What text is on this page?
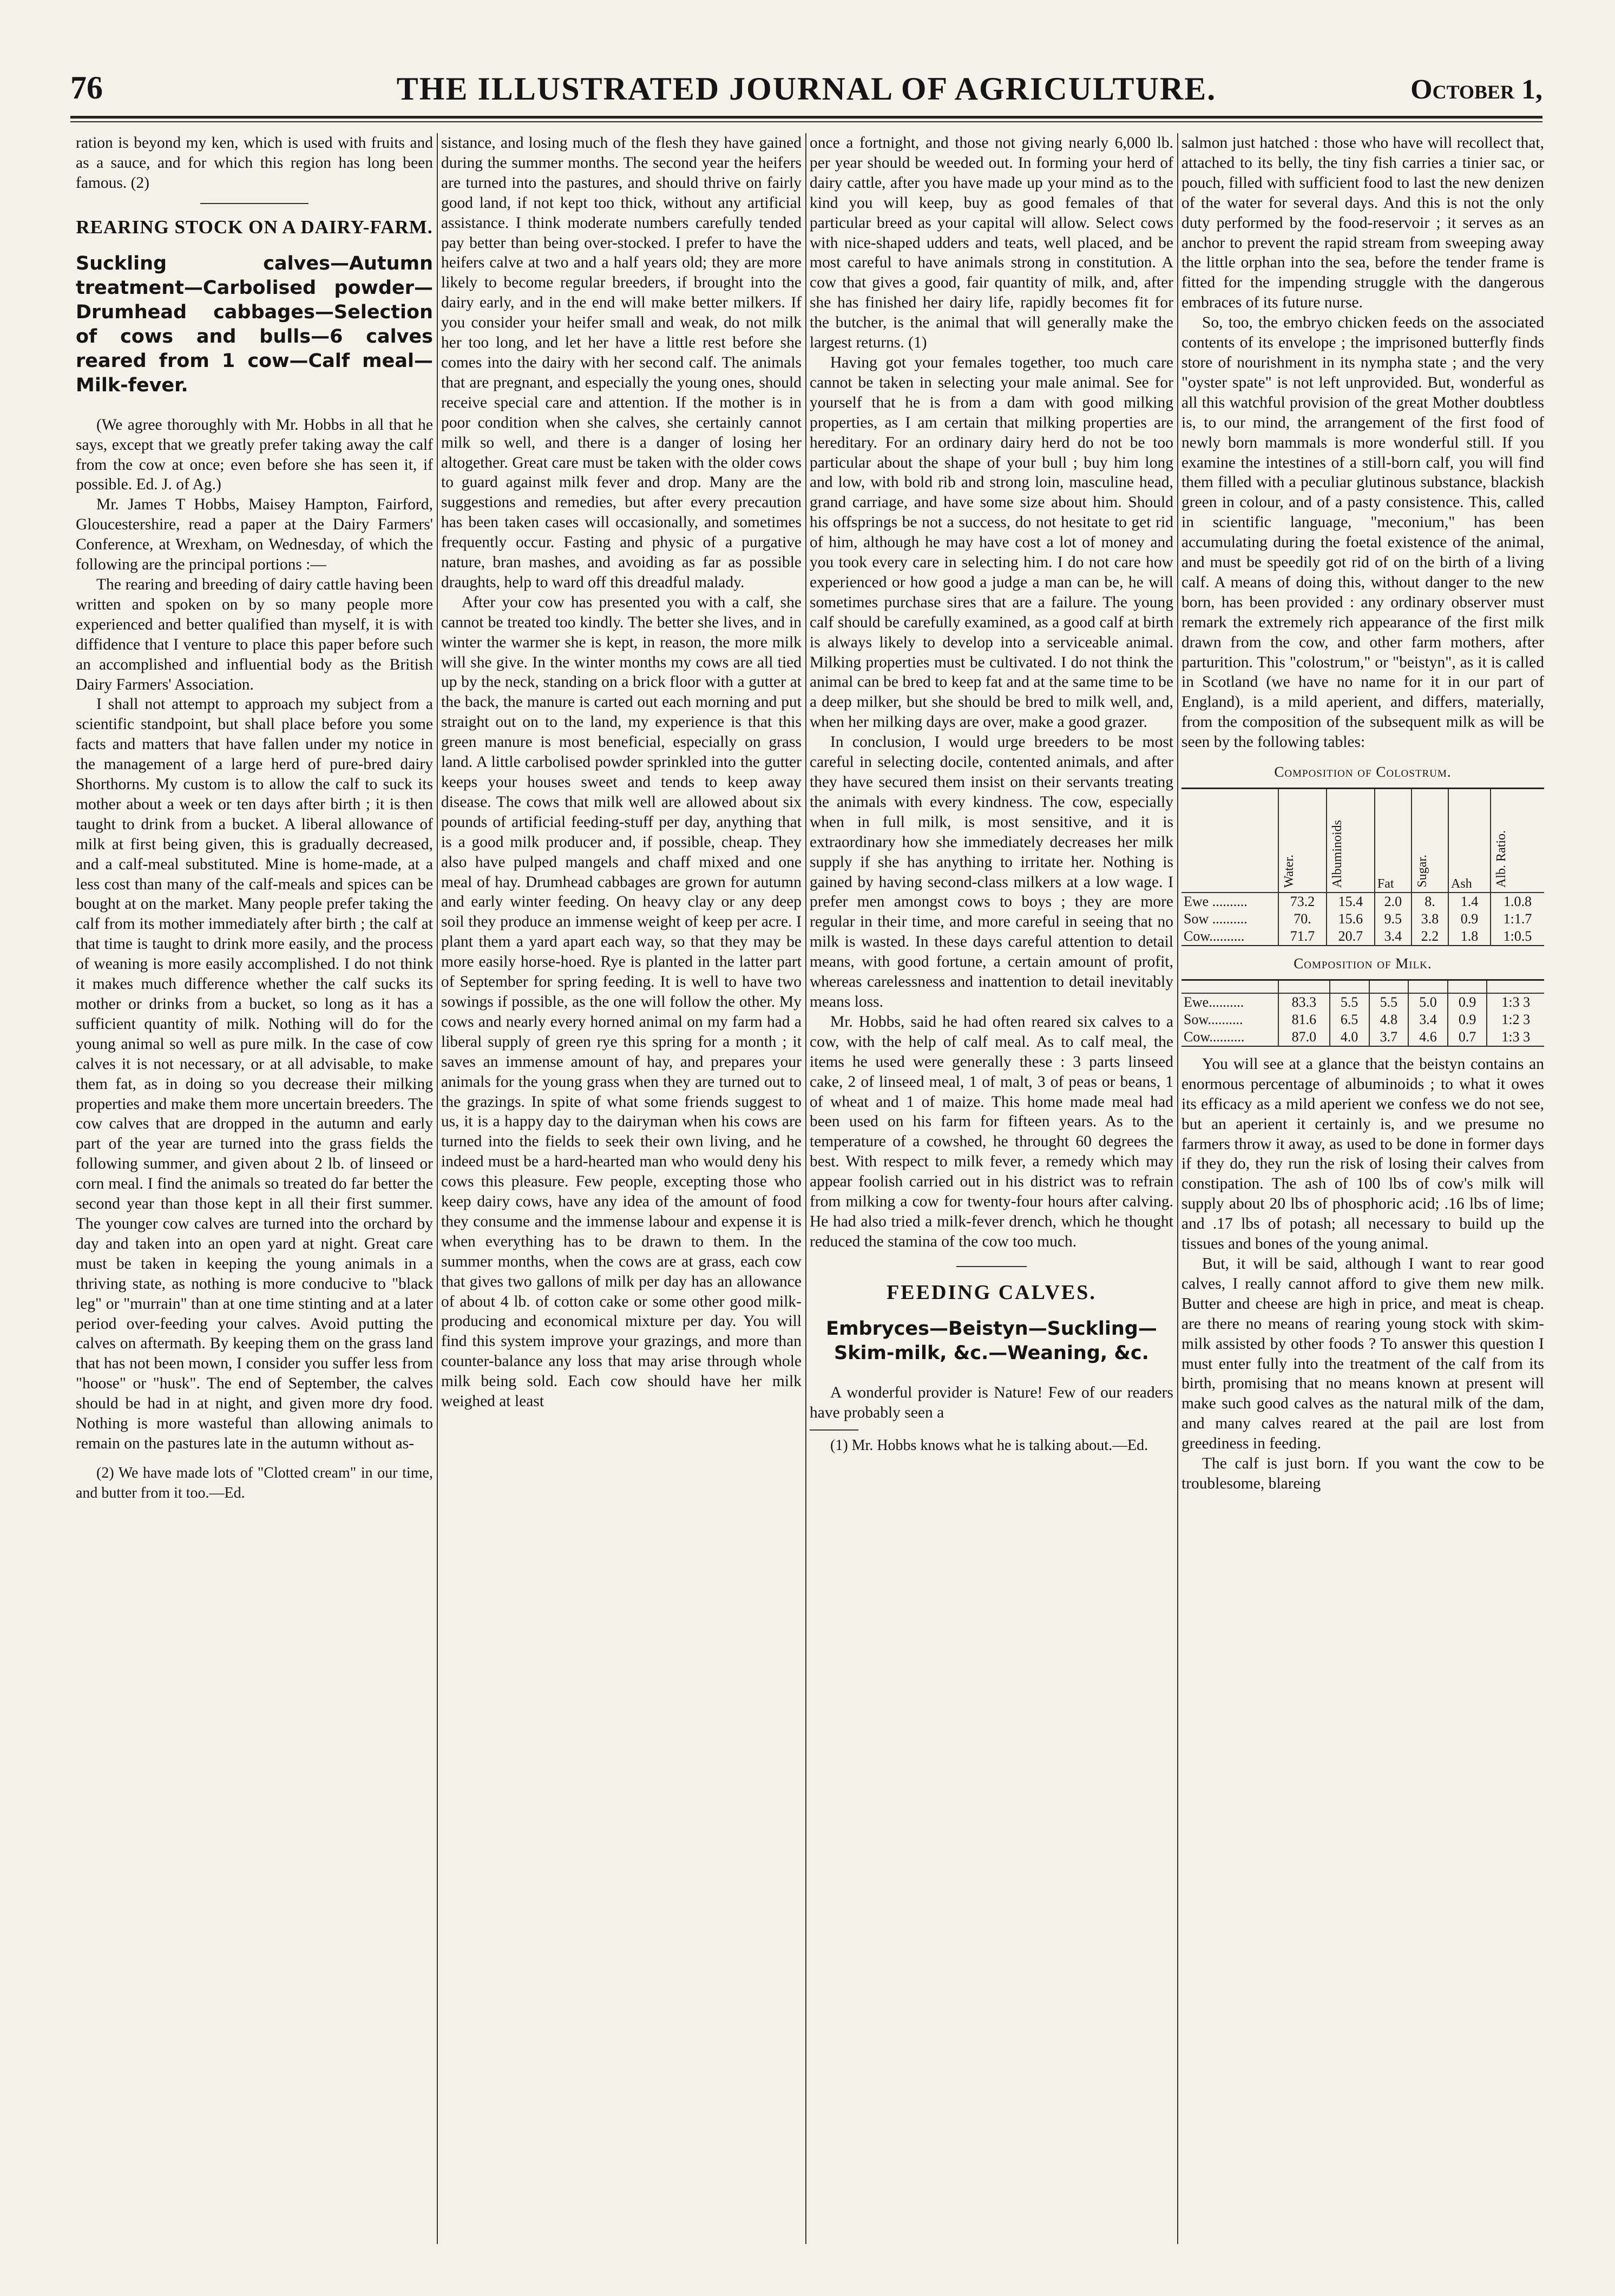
76	THE ILLUSTRATED JOURNAL OF AGRICULTURE.	October 1,

ration is beyond my ken, which is used with fruits and as a sauce, and for which this region has long been famous. (2)

REARING STOCK ON A DAIRY-FARM.
Suckling calves—Autumn treatment—Carbolised powder—Drumhead cabbages—Selection of cows and bulls—6 calves reared from 1 cow—Calf meal—Milk-fever.

(We agree thoroughly with Mr. Hobbs in all that he says, except that we greatly prefer taking away the calf from the cow at once; even before she has seen it, if possible. Ed. J. of Ag.)

Mr. James T Hobbs, Maisey Hampton, Fairford, Gloucestershire, read a paper at the Dairy Farmers' Conference, at Wrexham, on Wednesday, of which the following are the principal portions :—

The rearing and breeding of dairy cattle having been written and spoken on by so many people more experienced and better qualified than myself, it is with diffidence that I venture to place this paper before such an accomplished and influential body as the British Dairy Farmers' Association.

I shall not attempt to approach my subject from a scientific standpoint, but shall place before you some facts and matters that have fallen under my notice in the management of a large herd of pure-bred dairy Shorthorns. My custom is to allow the calf to suck its mother about a week or ten days after birth ; it is then taught to drink from a bucket. A liberal allowance of milk at first being given, this is gradually decreased, and a calf-meal substituted. Mine is home-made, at a less cost than many of the calf-meals and spices can be bought at on the market. Many people prefer taking the calf from its mother immediately after birth ; the calf at that time is taught to drink more easily, and the process of weaning is more easily accomplished. I do not think it makes much difference whether the calf sucks its mother or drinks from a bucket, so long as it has a sufficient quantity of milk. Nothing will do for the young animal so well as pure milk. In the case of cow calves it is not necessary, or at all advisable, to make them fat, as in doing so you decrease their milking properties and make them more uncertain breeders. The cow calves that are dropped in the autumn and early part of the year are turned into the grass fields the following summer, and given about 2 lb. of linseed or corn meal. I find the animals so treated do far better the second year than those kept in all their first summer. The younger cow calves are turned into the orchard by day and taken into an open yard at night. Great care must be taken in keeping the young animals in a thriving state, as nothing is more conducive to "black leg" or "murrain" than at one time stinting and at a later period over-feeding your calves. Avoid putting the calves on aftermath. By keeping them on the grass land that has not been mown, I consider you suffer less from "hoose" or "husk". The end of September, the calves should be had in at night, and given more dry food. Nothing is more wasteful than allowing animals to remain on the pastures late in the autumn without as-

(2) We have made lots of "Clotted cream" in our time, and butter from it too.—Ed.

sistance, and losing much of the flesh they have gained during the summer months. The second year the heifers are turned into the pastures, and should thrive on fairly good land, if not kept too thick, without any artificial assistance. I think moderate numbers carefully tended pay better than being over-stocked. I prefer to have the heifers calve at two and a half years old; they are more likely to become regular breeders, if brought into the dairy early, and in the end will make better milkers. If you consider your heifer small and weak, do not milk her too long, and let her have a little rest before she comes into the dairy with her second calf. The animals that are pregnant, and especially the young ones, should receive special care and attention. If the mother is in poor condition when she calves, she certainly cannot milk so well, and there is a danger of losing her altogether. Great care must be taken with the older cows to guard against milk fever and drop. Many are the suggestions and remedies, but after every precaution has been taken cases will occasionally, and sometimes frequently occur. Fasting and physic of a purgative nature, bran mashes, and avoiding as far as possible draughts, help to ward off this dreadful malady.

After your cow has presented you with a calf, she cannot be treated too kindly. The better she lives, and in winter the warmer she is kept, in reason, the more milk will she give. In the winter months my cows are all tied up by the neck, standing on a brick floor with a gutter at the back, the manure is carted out each morning and put straight out on to the land, my experience is that this green manure is most beneficial, especially on grass land. A little carbolised powder sprinkled into the gutter keeps your houses sweet and tends to keep away disease. The cows that milk well are allowed about six pounds of artificial feeding-stuff per day, anything that is a good milk producer and, if possible, cheap. They also have pulped mangels and chaff mixed and one meal of hay. Drumhead cabbages are grown for autumn and early winter feeding. On heavy clay or any deep soil they produce an immense weight of keep per acre. I plant them a yard apart each way, so that they may be more easily horse-hoed. Rye is planted in the latter part of September for spring feeding. It is well to have two sowings if possible, as the one will follow the other. My cows and nearly every horned animal on my farm had a liberal supply of green rye this spring for a month ; it saves an immense amount of hay, and prepares your animals for the young grass when they are turned out to the grazings. In spite of what some friends suggest to us, it is a happy day to the dairyman when his cows are turned into the fields to seek their own living, and he indeed must be a hard-hearted man who would deny his cows this pleasure. Few people, excepting those who keep dairy cows, have any idea of the amount of food they consume and the immense labour and expense it is when everything has to be drawn to them. In the summer months, when the cows are at grass, each cow that gives two gallons of milk per day has an allowance of about 4 lb. of cotton cake or some other good milk-producing and economical mixture per day. You will find this system improve your grazings, and more than counter-balance any loss that may arise through whole milk being sold. Each cow should have her milk weighed at least

once a fortnight, and those not giving nearly 6,000 lb. per year should be weeded out. In forming your herd of dairy cattle, after you have made up your mind as to the kind you will keep, buy as good females of that particular breed as your capital will allow. Select cows with nice-shaped udders and teats, well placed, and be most careful to have animals strong in constitution. A cow that gives a good, fair quantity of milk, and, after she has finished her dairy life, rapidly becomes fit for the butcher, is the animal that will generally make the largest returns. (1)

Having got your females together, too much care cannot be taken in selecting your male animal. See for yourself that he is from a dam with good milking properties, as I am certain that milking properties are hereditary. For an ordinary dairy herd do not be too particular about the shape of your bull ; buy him long and low, with bold rib and strong loin, masculine head, grand carriage, and have some size about him. Should his offsprings be not a success, do not hesitate to get rid of him, although he may have cost a lot of money and you took every care in selecting him. I do not care how experienced or how good a judge a man can be, he will sometimes purchase sires that are a failure. The young calf should be carefully examined, as a good calf at birth is always likely to develop into a serviceable animal. Milking properties must be cultivated. I do not think the animal can be bred to keep fat and at the same time to be a deep milker, but she should be bred to milk well, and, when her milking days are over, make a good grazer.

In conclusion, I would urge breeders to be most careful in selecting docile, contented animals, and after they have secured them insist on their servants treating the animals with every kindness. The cow, especially when in full milk, is most sensitive, and it is extraordinary how she immediately decreases her milk supply if she has anything to irritate her. Nothing is gained by having second-class milkers at a low wage. I prefer men amongst cows to boys ; they are more regular in their time, and more careful in seeing that no milk is wasted. In these days careful attention to detail means, with good fortune, a certain amount of profit, whereas carelessness and inattention to detail inevitably means loss.

Mr. Hobbs, said he had often reared six calves to a cow, with the help of calf meal. As to calf meal, the items he used were generally these : 3 parts linseed cake, 2 of linseed meal, 1 of malt, 3 of peas or beans, 1 of wheat and 1 of maize. This home made meal had been used on his farm for fifteen years. As to the temperature of a cowshed, he throught 60 degrees the best. With respect to milk fever, a remedy which may appear foolish carried out in his district was to refrain from milking a cow for twenty-four hours after calving. He had also tried a milk-fever drench, which he thought reduced the stamina of the cow too much.

FEEDING CALVES.
Embryces—Beistyn—Suckling—Skim-milk, &c.—Weaning, &c.

A wonderful provider is Nature! Few of our readers have probably seen a

(1) Mr. Hobbs knows what he is talking about.—Ed.

salmon just hatched : those who have will recollect that, attached to its belly, the tiny fish carries a tinier sac, or pouch, filled with sufficient food to last the new denizen of the water for several days. And this is not the only duty performed by the food-reservoir ; it serves as an anchor to prevent the rapid stream from sweeping away the little orphan into the sea, before the tender frame is fitted for the impending struggle with the dangerous embraces of its future nurse.

So, too, the embryo chicken feeds on the associated contents of its envelope ; the imprisoned butterfly finds store of nourishment in its nympha state ; and the very "oyster spate" is not left unprovided. But, wonderful as all this watchful provision of the great Mother doubtless is, to our mind, the arrangement of the first food of newly born mammals is more wonderful still. If you examine the intestines of a still-born calf, you will find them filled with a peculiar glutinous substance, blackish green in colour, and of a pasty consistence. This, called in scientific language, "meconium," has been accumulating during the foetal existence of the animal, and must be speedily got rid of on the birth of a living calf. A means of doing this, without danger to the new born, has been provided : any ordinary observer must remark the extremely rich appearance of the first milk drawn from the cow, and other farm mothers, after parturition. This "colostrum," or "beistyn", as it is called in Scotland (we have no name for it in our part of England), is a mild aperient, and differs, materially, from the composition of the subsequent milk as will be seen by the following tables:

Composition of Colostrum.
	Water.	Albuminoids	Fat	Sugar.	Ash	Alb. Ratio.
Ewe ..........	73.2	15.4	2.0	8.	1.4	1.0.8
Sow ..........	70.	15.6	9.5	3.8	0.9	1:1.7
Cow..........	71.7	20.7	3.4	2.2	1.8	1:0.5
Composition of Milk.

Ewe..........	83.3	5.5	5.5	5.0	0.9	1:3 3
Sow..........	81.6	6.5	4.8	3.4	0.9	1:2 3
Cow..........	87.0	4.0	3.7	4.6	0.7	1:3 3

You will see at a glance that the beistyn contains an enormous percentage of albuminoids ; to what it owes its efficacy as a mild aperient we confess we do not see, but an aperient it certainly is, and we presume no farmers throw it away, as used to be done in former days if they do, they run the risk of losing their calves from constipation. The ash of 100 lbs of cow's milk will supply about 20 lbs of phosphoric acid; .16 lbs of lime; and .17 lbs of potash; all necessary to build up the tissues and bones of the young animal.

But, it will be said, although I want to rear good calves, I really cannot afford to give them new milk. Butter and cheese are high in price, and meat is cheap. are there no means of rearing young stock with skim-milk assisted by other foods ? To answer this question I must enter fully into the treatment of the calf from its birth, promising that no means known at present will make such good calves as the natural milk of the dam, and many calves reared at the pail are lost from greediness in feeding.

The calf is just born. If you want the cow to be troublesome, blareing
